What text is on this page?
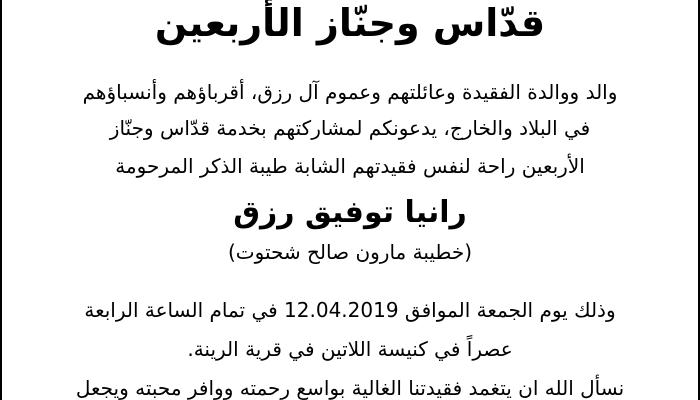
قدّاس وجنّاز الأربعين
والد ووالدة الفقيدة وعائلتهم وعموم آل رزق، أقرباؤهم وأنسباؤهم
في البلاد والخارج، يدعونكم لمشاركتهم بخدمة قدّاس وجنّاز
الأربعين راحة لنفس فقيدتهم الشابة طيبة الذكر المرحومة
رانيا توفيق رزق
(خطيبة مارون صالح شحتوت)
وذلك يوم الجمعة الموافق 12.04.2019 في تمام الساعة الرابعة
عصراً في كنيسة اللاتين في قرية الرينة.
نسأل الله ان يتغمد فقيدتنا الغالية بواسع رحمته ووافر محبته ويجعل
